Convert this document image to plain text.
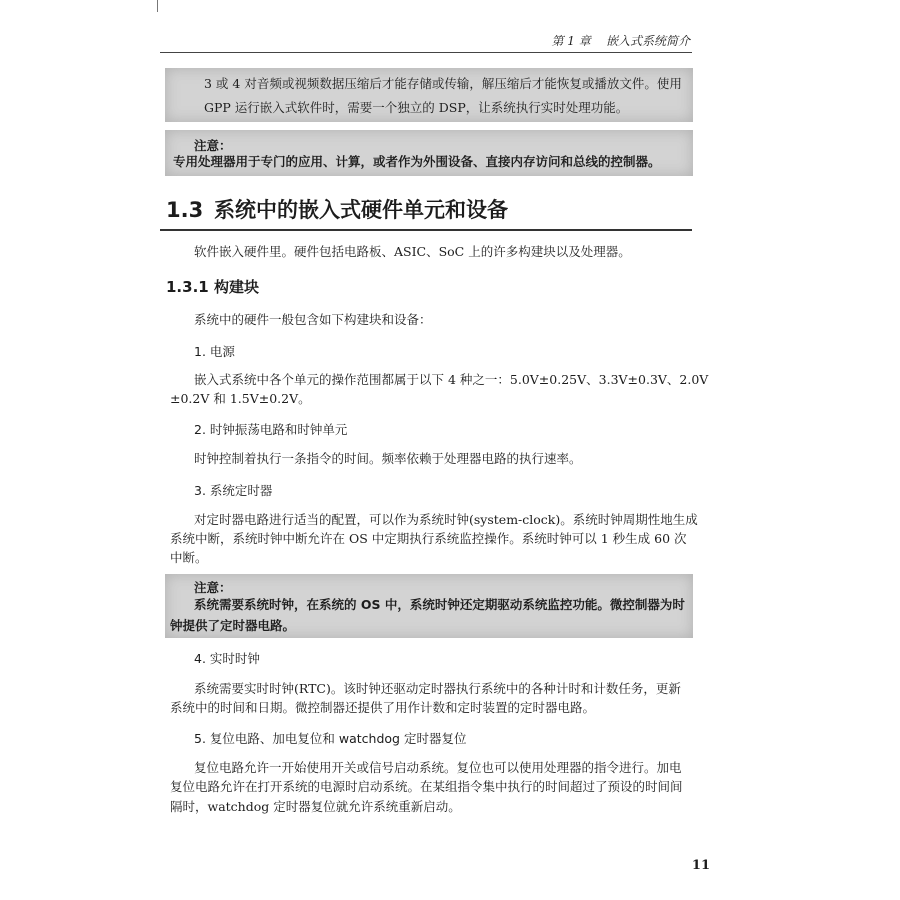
第 1 章    嵌入式系统简介

3 或 4 对音频或视频数据压缩后才能存储或传输，解压缩后才能恢复或播放文件。使用

GPP 运行嵌入式软件时，需要一个独立的 DSP，让系统执行实时处理功能。

注意：

专用处理器用于专门的应用、计算，或者作为外围设备、直接内存访问和总线的控制器。

1.3 系统中的嵌入式硬件单元和设备

软件嵌入硬件里。硬件包括电路板、ASIC、SoC 上的许多构建块以及处理器。

1.3.1 构建块

系统中的硬件一般包含如下构建块和设备：

1. 电源

嵌入式系统中各个单元的操作范围都属于以下 4 种之一：5.0V±0.25V、3.3V±0.3V、2.0V

±0.2V 和 1.5V±0.2V。

2. 时钟振荡电路和时钟单元

时钟控制着执行一条指令的时间。频率依赖于处理器电路的执行速率。

3. 系统定时器

对定时器电路进行适当的配置，可以作为系统时钟(system-clock)。系统时钟周期性地生成

系统中断，系统时钟中断允许在 OS 中定期执行系统监控操作。系统时钟可以 1 秒生成 60 次

中断。

注意：

系统需要系统时钟，在系统的 OS 中，系统时钟还定期驱动系统监控功能。微控制器为时

钟提供了定时器电路。

4. 实时时钟

系统需要实时时钟(RTC)。该时钟还驱动定时器执行系统中的各种计时和计数任务，更新

系统中的时间和日期。微控制器还提供了用作计数和定时装置的定时器电路。

5. 复位电路、加电复位和 watchdog 定时器复位

复位电路允许一开始使用开关或信号启动系统。复位也可以使用处理器的指令进行。加电

复位电路允许在打开系统的电源时启动系统。在某组指令集中执行的时间超过了预设的时间间

隔时，watchdog 定时器复位就允许系统重新启动。

11
